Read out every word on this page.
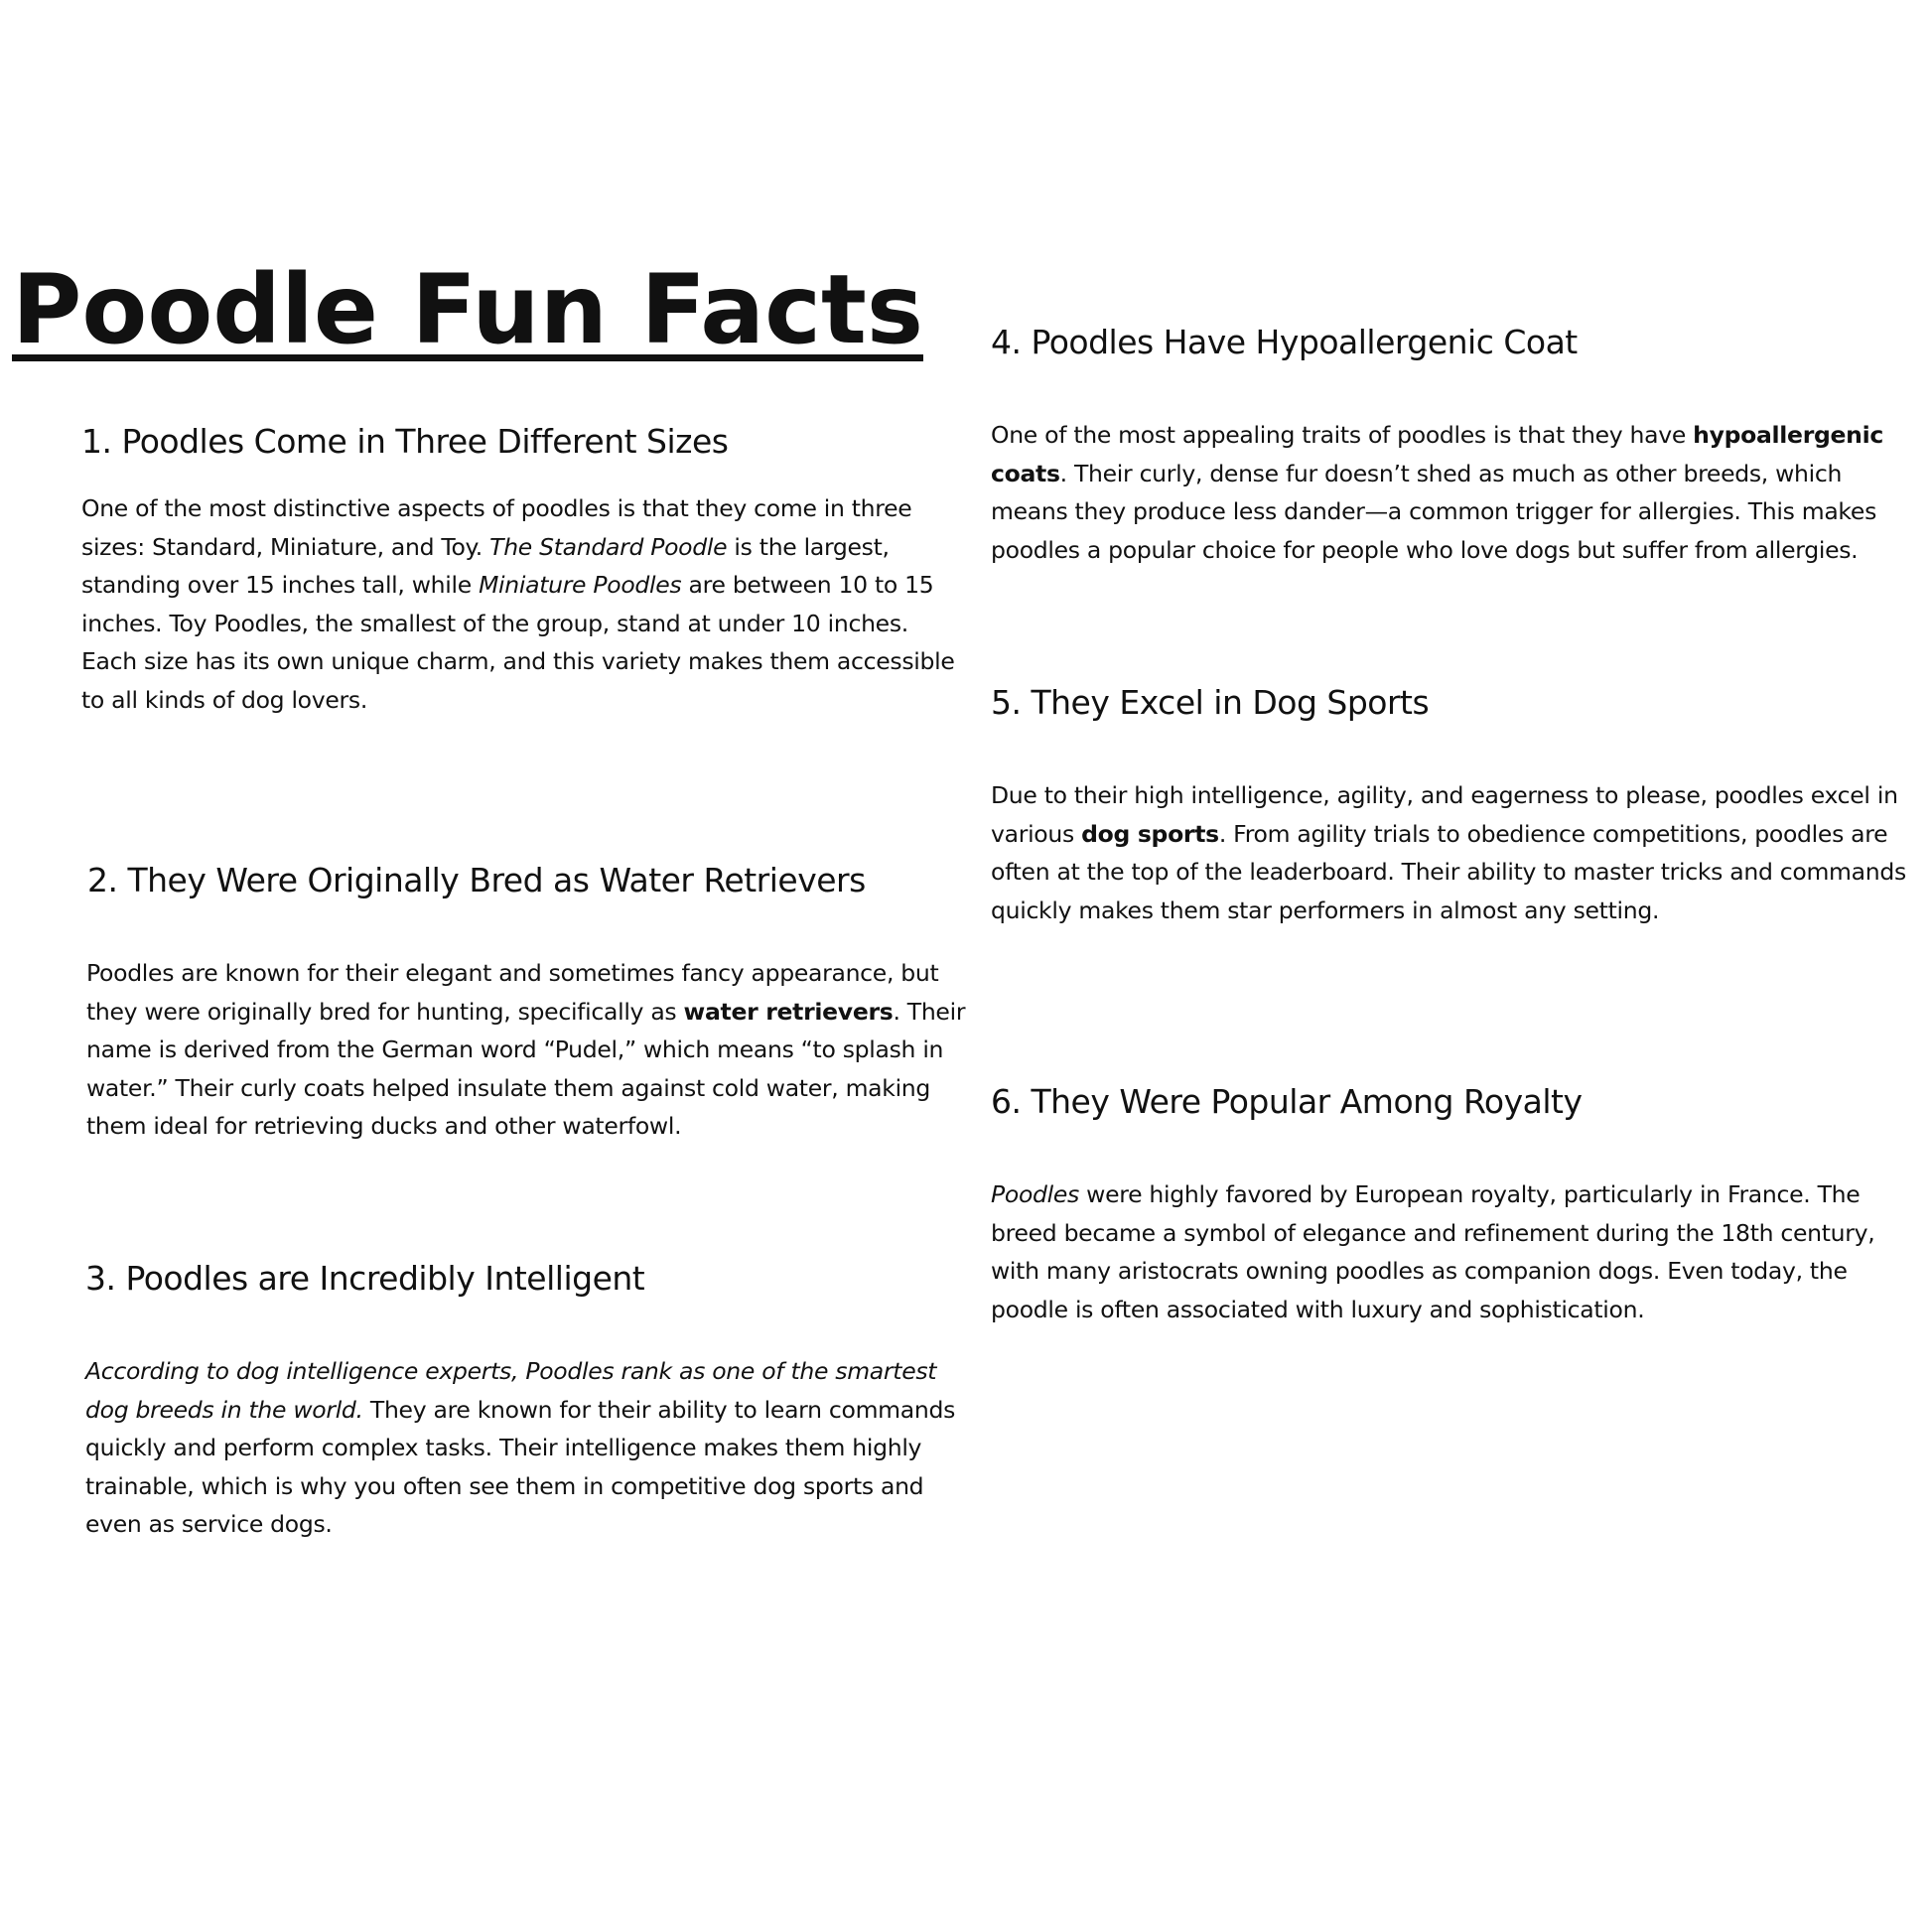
Poodle Fun Facts
1. Poodles Come in Three Different Sizes

One of the most distinctive aspects of poodles is that they come in three sizes: Standard, Miniature, and Toy. The Standard Poodle is the largest, standing over 15 inches tall, while Miniature Poodles are between 10 to 15 inches. Toy Poodles, the smallest of the group, stand at under 10 inches. Each size has its own unique charm, and this variety makes them accessible to all kinds of dog lovers.

2. They Were Originally Bred as Water Retrievers

Poodles are known for their elegant and sometimes fancy appearance, but they were originally bred for hunting, specifically as water retrievers. Their name is derived from the German word “Pudel,” which means “to splash in water.” Their curly coats helped insulate them against cold water, making them ideal for retrieving ducks and other waterfowl.

3. Poodles are Incredibly Intelligent

According to dog intelligence experts, Poodles rank as one of the smartest     dog breeds in the world. They are known for their ability to learn commands quickly and perform complex tasks. Their intelligence makes them highly trainable, which is why you often see them in competitive dog sports and even as service dogs.

4. Poodles Have Hypoallergenic Coat

One of the most appealing traits of poodles is that they have hypoallergenic coats. Their curly, dense fur doesn’t shed as much as other breeds, which means they produce less dander—a common trigger for allergies. This makes poodles a popular choice for people who love dogs but suffer from allergies.

5. They Excel in Dog Sports

Due to their high intelligence, agility, and eagerness to please, poodles excel in various dog sports. From agility trials to obedience competitions, poodles are often at the top of the leaderboard. Their ability to master tricks and commands quickly makes them star performers in almost any setting.

6. They Were Popular Among Royalty

Poodles were highly favored by European royalty, particularly in France. The breed became a symbol of elegance and refinement during the 18th century, with many aristocrats owning poodles as companion dogs. Even today, the poodle is often associated with luxury and sophistication.
